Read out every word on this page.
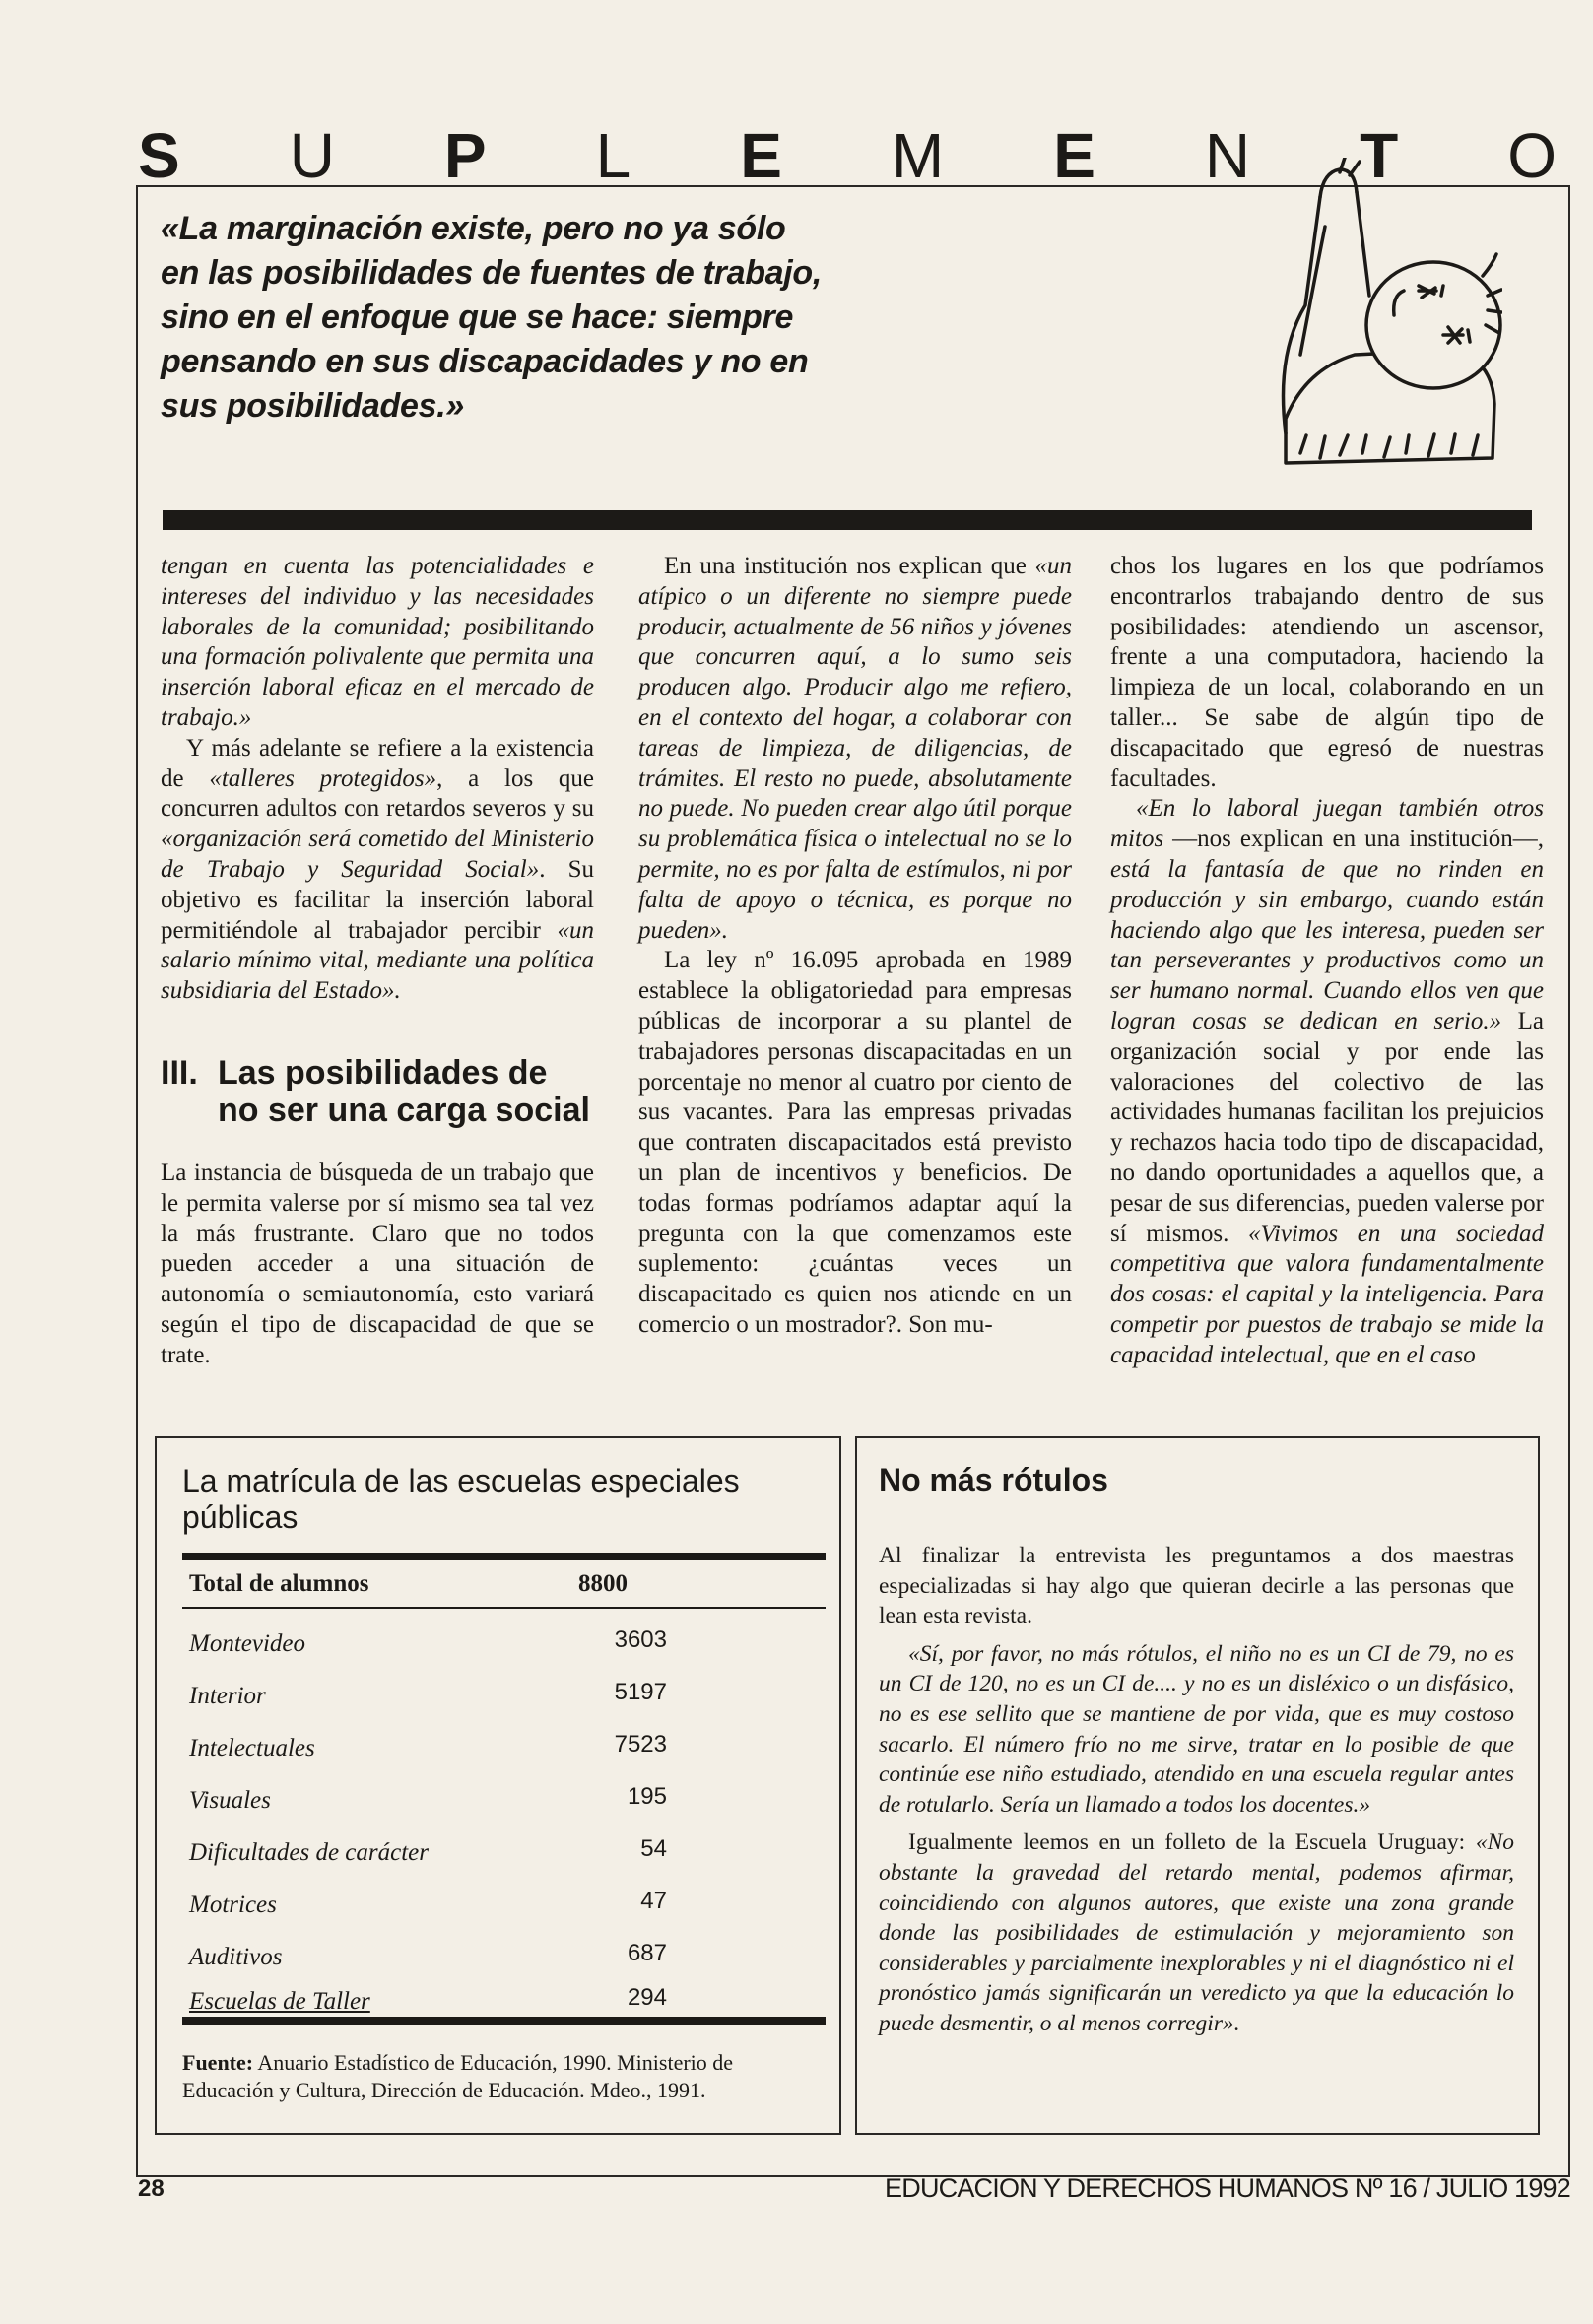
S U P L E M E N T O
«La marginación existe, pero no ya sólo en las posibilidades de fuentes de trabajo, sino en el enfoque que se hace: siempre pensando en sus discapacidades y no en sus posibilidades.»

tengan en cuenta las potencialidades e intereses del individuo y las necesidades laborales de la comunidad; posibilitando una formación polivalente que permita una inserción laboral eficaz en el mercado de trabajo.»

Y más adelante se refiere a la existencia de «talleres protegidos», a los que concurren adultos con retardos severos y su «organización será cometido del Ministerio de Trabajo y Seguridad Social». Su objetivo es facilitar la inserción laboral permitiéndole al trabajador percibir «un salario mínimo vital, mediante una política subsidiaria del Estado».

III. Las posibilidades de
no ser una carga social

La instancia de búsqueda de un trabajo que le permita valerse por sí mismo sea tal vez la más frustrante. Claro que no todos pueden acceder a una situación de autonomía o semiautonomía, esto variará según el tipo de discapacidad de que se trate.

En una institución nos explican que «un atípico o un diferente no siempre puede producir, actualmente de 56 niños y jóvenes que concurren aquí, a lo sumo seis producen algo. Producir algo me refiero, en el contexto del hogar, a colaborar con tareas de limpieza, de diligencias, de trámites. El resto no puede, absolutamente no puede. No pueden crear algo útil porque su problemática física o intelectual no se lo permite, no es por falta de estímulos, ni por falta de apoyo o técnica, es porque no pueden».

La ley nº 16.095 aprobada en 1989 establece la obligatoriedad para empresas públicas de incorporar a su plantel de trabajadores personas discapacitadas en un porcentaje no menor al cuatro por ciento de sus vacantes. Para las empresas privadas que contraten discapacitados está previsto un plan de incentivos y beneficios. De todas formas podríamos adaptar aquí la pregunta con la que comenzamos este suplemento: ¿cuántas veces un discapacitado es quien nos atiende en un comercio o un mostrador?. Son mu-

chos los lugares en los que podríamos encontrarlos trabajando dentro de sus posibilidades: atendiendo un ascensor, frente a una computadora, haciendo la limpieza de un local, colaborando en un taller... Se sabe de algún tipo de discapacitado que egresó de nuestras facultades.

«En lo laboral juegan también otros mitos —nos explican en una institución—, está la fantasía de que no rinden en producción y sin embargo, cuando están haciendo algo que les interesa, pueden ser tan perseverantes y productivos como un ser humano normal. Cuando ellos ven que logran cosas se dedican en serio.» La organización social y por ende las valoraciones del colectivo de las actividades humanas facilitan los prejuicios y rechazos hacia todo tipo de discapacidad, no dando oportunidades a aquellos que, a pesar de sus diferencias, pueden valerse por sí mismos. «Vivimos en una sociedad competitiva que valora fundamentalmente dos cosas: el capital y la inteligencia. Para competir por puestos de trabajo se mide la capacidad intelectual, que en el caso

La matrícula de las escuelas especiales públicas
Total de alumnos	8800
Montevideo	3603
Interior	5197
Intelectuales	7523
Visuales	195
Dificultades de carácter	54
Motrices	47
Auditivos	687
Escuelas de Taller	294
Fuente: Anuario Estadístico de Educación, 1990. Ministerio de Educación y Cultura, Dirección de Educación. Mdeo., 1991.
No más rótulos

Al finalizar la entrevista les preguntamos a dos maestras especializadas si hay algo que quieran decirle a las personas que lean esta revista.

«Sí, por favor, no más rótulos, el niño no es un CI de 79, no es un CI de 120, no es un CI de.... y no es un disléxico o un disfásico, no es ese sellito que se mantiene de por vida, que es muy costoso sacarlo. El número frío no me sirve, tratar en lo posible de que continúe ese niño estudiado, atendido en una escuela regular antes de rotularlo. Sería un llamado a todos los docentes.»

Igualmente leemos en un folleto de la Escuela Uruguay: «No obstante la gravedad del retardo mental, podemos afirmar, coincidiendo con algunos autores, que existe una zona grande donde las posibilidades de estimulación y mejoramiento son considerables y parcialmente inexplorables y ni el diagnóstico ni el pronóstico jamás significarán un veredicto ya que la educación lo puede desmentir, o al menos corregir».

28	EDUCACION Y DERECHOS HUMANOS Nº 16 / JULIO 1992
